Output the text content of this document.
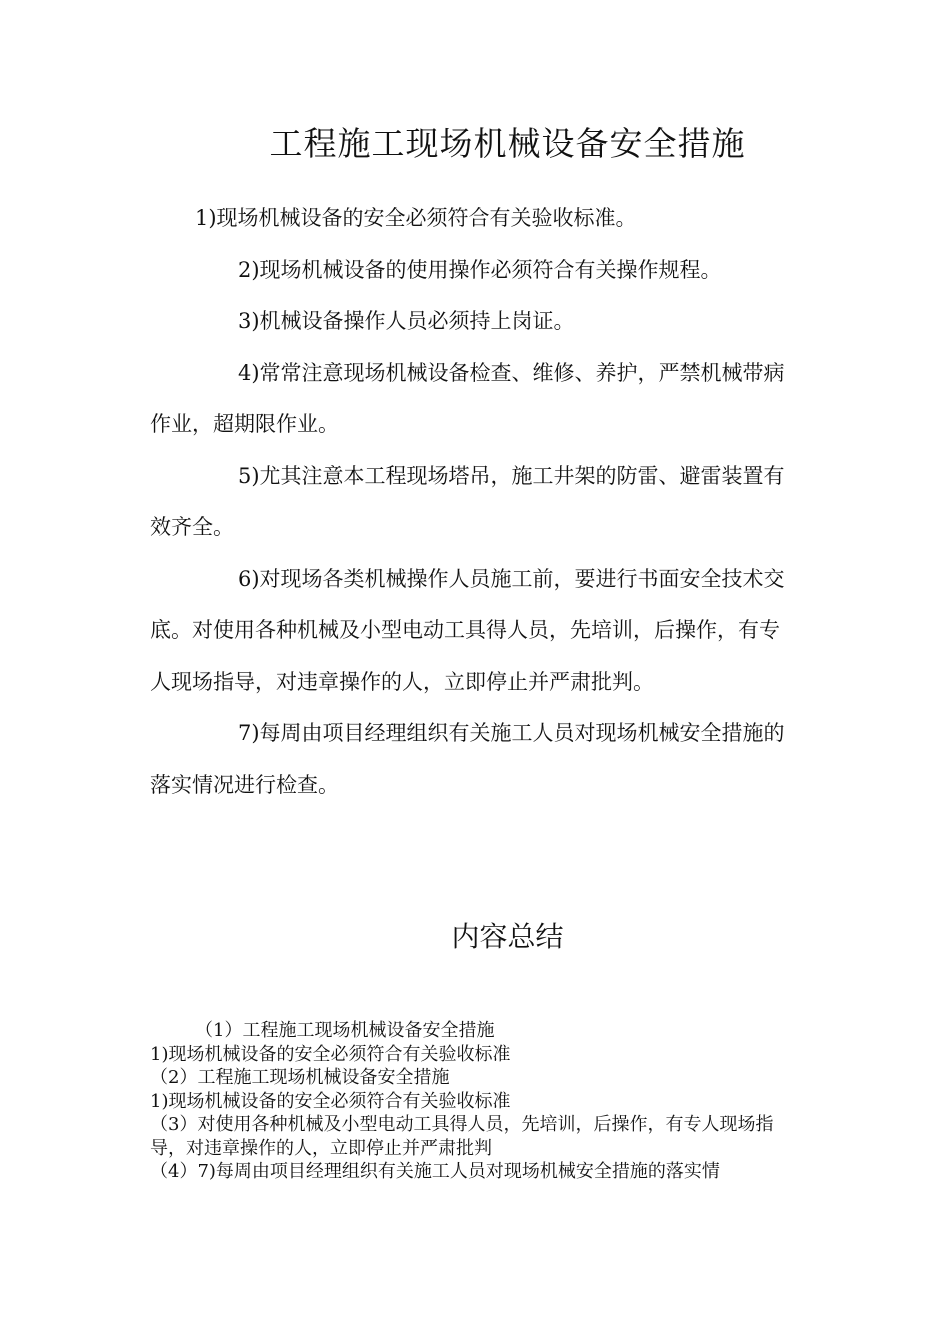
工程施工现场机械设备安全措施

1)现场机械设备的安全必须符合有关验收标准。

2)现场机械设备的使用操作必须符合有关操作规程。

3)机械设备操作人员必须持上岗证。

4)常常注意现场机械设备检查、维修、养护，严禁机械带病作业，超期限作业。

5)尤其注意本工程现场塔吊，施工井架的防雷、避雷装置有效齐全。

6)对现场各类机械操作人员施工前，要进行书面安全技术交底。对使用各种机械及小型电动工具得人员，先培训，后操作，有专人现场指导，对违章操作的人，立即停止并严肃批判。

7)每周由项目经理组织有关施工人员对现场机械安全措施的落实情况进行检查。

内容总结

（1）工程施工现场机械设备安全措施

1)现场机械设备的安全必须符合有关验收标准

（2）工程施工现场机械设备安全措施

1)现场机械设备的安全必须符合有关验收标准

（3）对使用各种机械及小型电动工具得人员，先培训，后操作，有专人现场指导，对违章操作的人，立即停止并严肃批判

（4）7)每周由项目经理组织有关施工人员对现场机械安全措施的落实情
